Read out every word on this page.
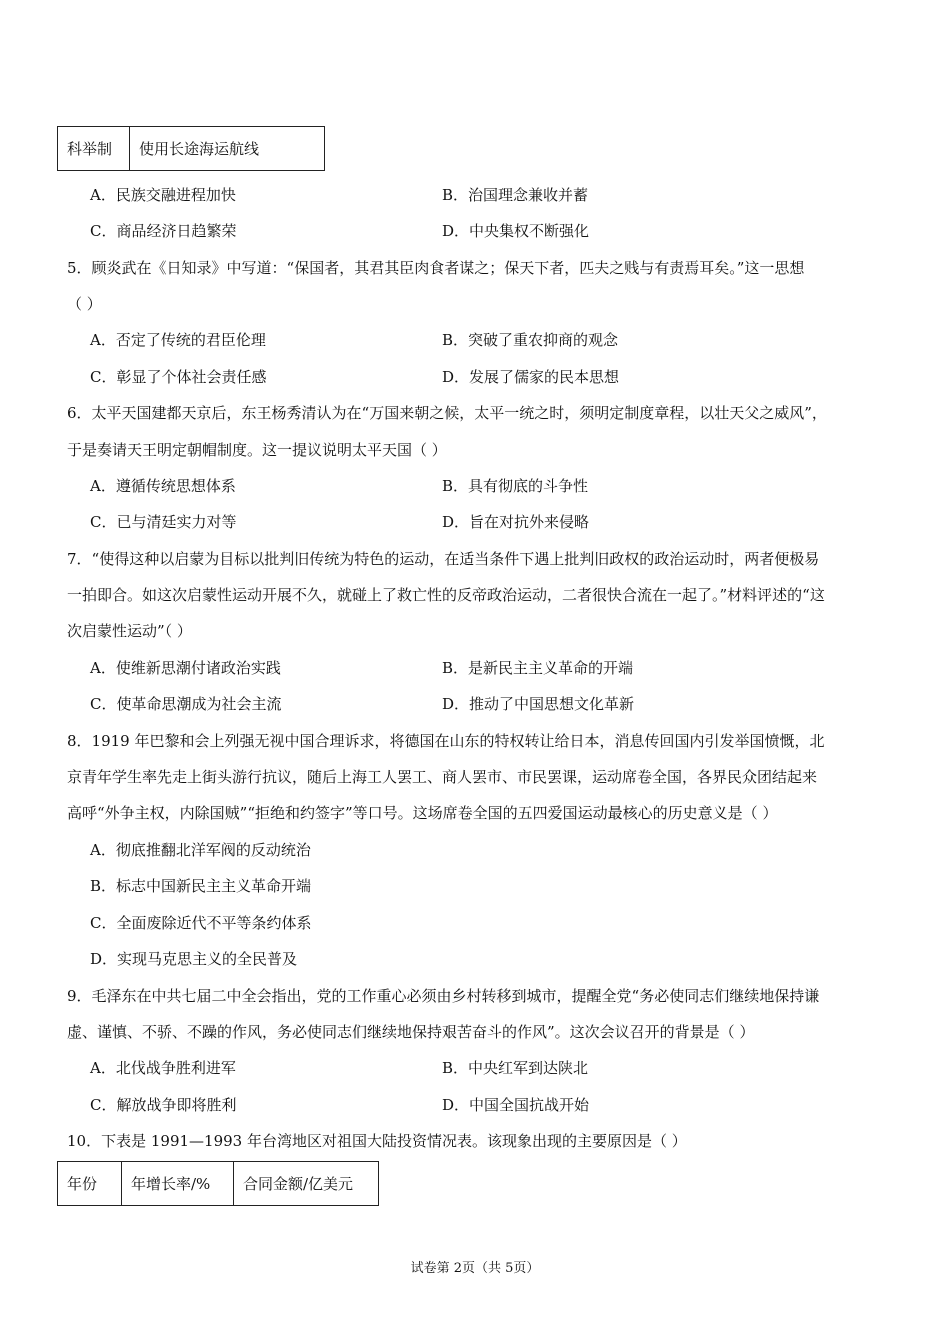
科举制	使用长途海运航线
A．民族交融进程加快	B．治国理念兼收并蓄
C．商品经济日趋繁荣	D．中央集权不断强化
5．顾炎武在《日知录》中写道：“保国者，其君其臣肉食者谋之；保天下者，匹夫之贱与有责焉耳矣。”这一思想
（ ）
A．否定了传统的君臣伦理	B．突破了重农抑商的观念
C．彰显了个体社会责任感	D．发展了儒家的民本思想
6．太平天国建都天京后，东王杨秀清认为在“万国来朝之候，太平一统之时，须明定制度章程，以壮天父之威风”，
于是奏请天王明定朝帽制度。这一提议说明太平天国（ ）
A．遵循传统思想体系	B．具有彻底的斗争性
C．已与清廷实力对等	D．旨在对抗外来侵略
7．“使得这种以启蒙为目标以批判旧传统为特色的运动，在适当条件下遇上批判旧政权的政治运动时，两者便极易
一拍即合。如这次启蒙性运动开展不久，就碰上了救亡性的反帝政治运动，二者很快合流在一起了。”材料评述的“这
次启蒙性运动”（ ）
A．使维新思潮付诸政治实践	B．是新民主主义革命的开端
C．使革命思潮成为社会主流	D．推动了中国思想文化革新
8．1919 年巴黎和会上列强无视中国合理诉求，将德国在山东的特权转让给日本，消息传回国内引发举国愤慨，北
京青年学生率先走上街头游行抗议，随后上海工人罢工、商人罢市、市民罢课，运动席卷全国，各界民众团结起来
高呼“外争主权，内除国贼”“拒绝和约签字”等口号。这场席卷全国的五四爱国运动最核心的历史意义是（ ）
A．彻底推翻北洋军阀的反动统治
B．标志中国新民主主义革命开端
C．全面废除近代不平等条约体系
D．实现马克思主义的全民普及
9．毛泽东在中共七届二中全会指出，党的工作重心必须由乡村转移到城市，提醒全党“务必使同志们继续地保持谦
虚、谨慎、不骄、不躁的作风，务必使同志们继续地保持艰苦奋斗的作风”。这次会议召开的背景是（ ）
A．北伐战争胜利进军	B．中央红军到达陕北
C．解放战争即将胜利	D．中国全国抗战开始
10．下表是 1991—1993 年台湾地区对祖国大陆投资情况表。该现象出现的主要原因是（ ）
年份	年增长率/%	合同金额/亿美元
试卷第 2页（共 5页）
